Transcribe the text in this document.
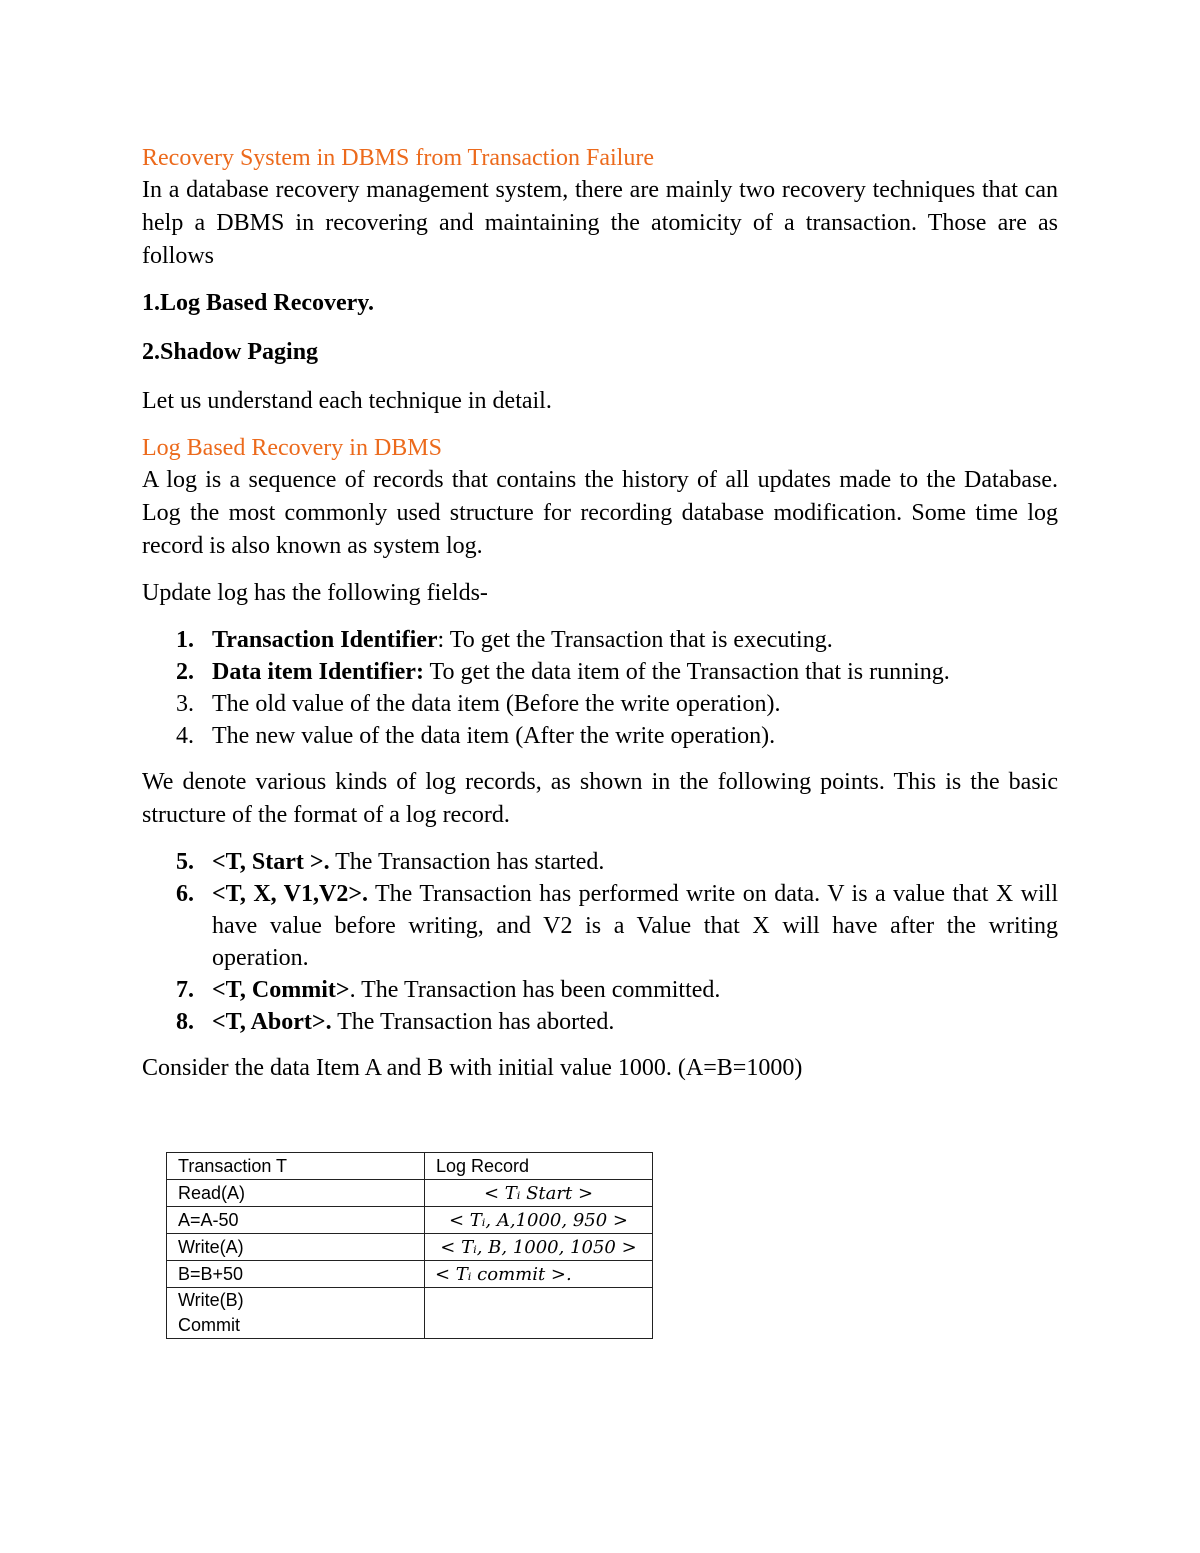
Recovery System in DBMS from Transaction Failure

In a database recovery management system, there are mainly two recovery techniques that can help a DBMS in recovering and maintaining the atomicity of a transaction. Those are as follows

1.Log Based Recovery.

2.Shadow Paging

Let us understand each technique in detail.

Log Based Recovery in DBMS

A log is a sequence of records that contains the history of all updates made to the Database. Log the most commonly used structure for recording database modification. Some time log record is also known as system log.

Update log has the following fields-

1. Transaction Identifier: To get the Transaction that is executing.
2. Data item Identifier: To get the data item of the Transaction that is running.
3. The old value of the data item (Before the write operation).
4. The new value of the data item (After the write operation).

We denote various kinds of log records, as shown in the following points. This is the basic structure of the format of a log record.

5. <T, Start >. The Transaction has started.
6. <T, X, V1,V2>. The Transaction has performed write on data. V is a value that X will have value before writing, and V2 is a Value that X will have after the writing operation.
7. <T, Commit>. The Transaction has been committed.
8. <T, Abort>. The Transaction has aborted.

Consider the data Item A and B with initial value 1000. (A=B=1000)

Transaction T	Log Record
Read(A)	< Tᵢ Start >
A=A-50	< Tᵢ, A,1000, 950 >
Write(A)	< Tᵢ, B, 1000, 1050 >
B=B+50	< Tᵢ commit >.
Write(B)
Commit	
